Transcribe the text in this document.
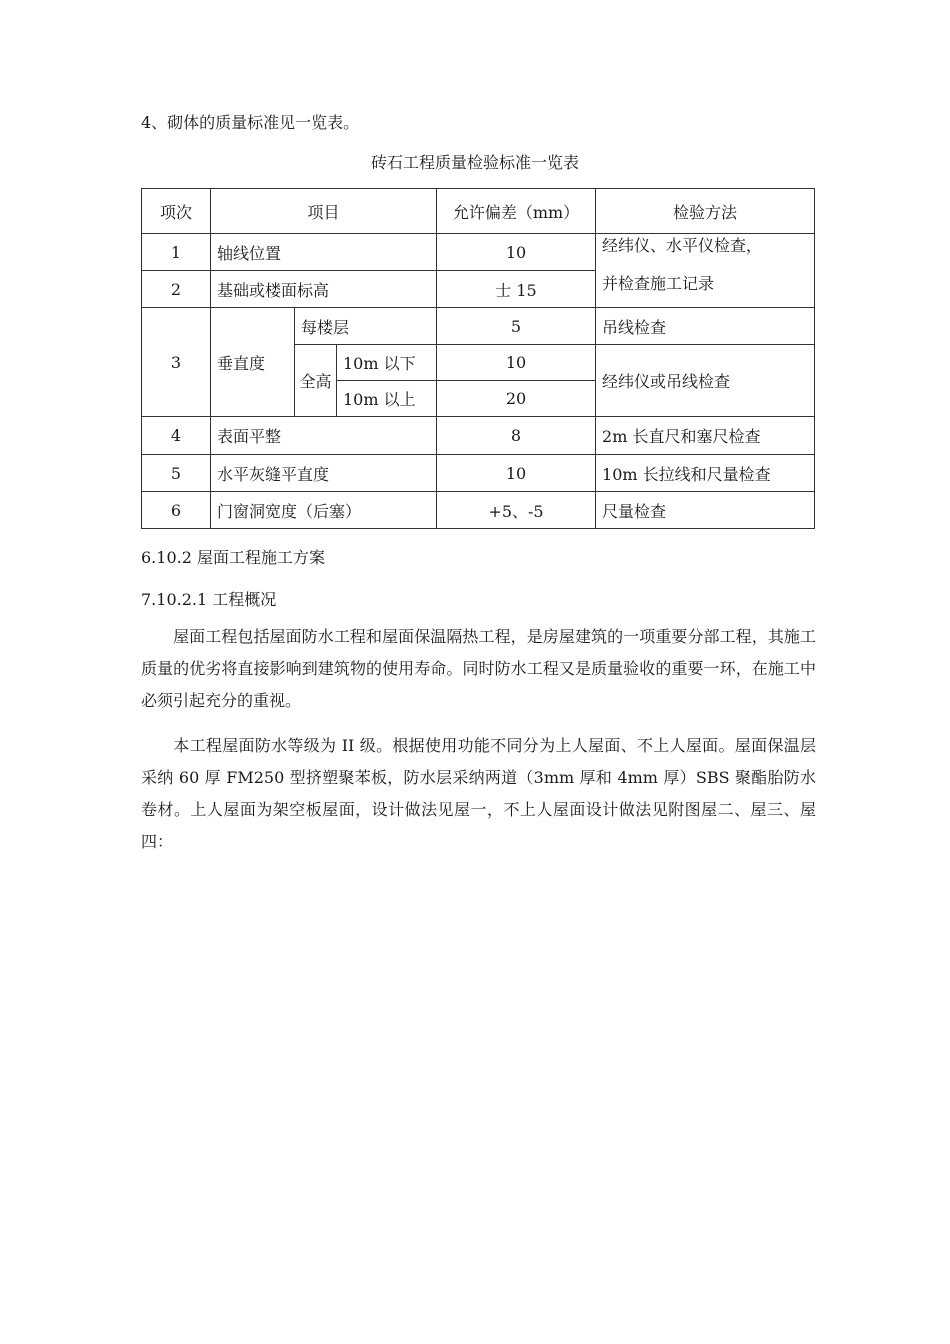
4、砌体的质量标准见一览表。
砖石工程质量检验标准一览表
项次	项目			允许偏差（mm）	检验方法
1	轴线位置			10	经纬仪、水平仪检查，
并检查施工记录

2	基础或楼面标高			士 15	
3	垂直度	每楼层		5	吊线检查
		全高	10m 以下	10	经纬仪或吊线检查
			10m 以上	20	
4	表面平整			8	2m 长直尺和塞尺检查
5	水平灰缝平直度			10	10m 长拉线和尺量检查
6	门窗洞宽度（后塞）			+5、-5	尺量检查
6.10.2 屋面工程施工方案
7.10.2.1 工程概况
屋面工程包括屋面防水工程和屋面保温隔热工程，是房屋建筑的一项重要分部工程，其施工质量的优劣将直接影响到建筑物的使用寿命。同时防水工程又是质量验收的重要一环，在施工中必须引起充分的重视。
本工程屋面防水等级为 II 级。根据使用功能不同分为上人屋面、不上人屋面。屋面保温层采纳 60 厚 FM250 型挤塑聚苯板，防水层采纳两道（3mm 厚和 4mm 厚）SBS 聚酯胎防水卷材。上人屋面为架空板屋面，设计做法见屋一，不上人屋面设计做法见附图屋二、屋三、屋四：
